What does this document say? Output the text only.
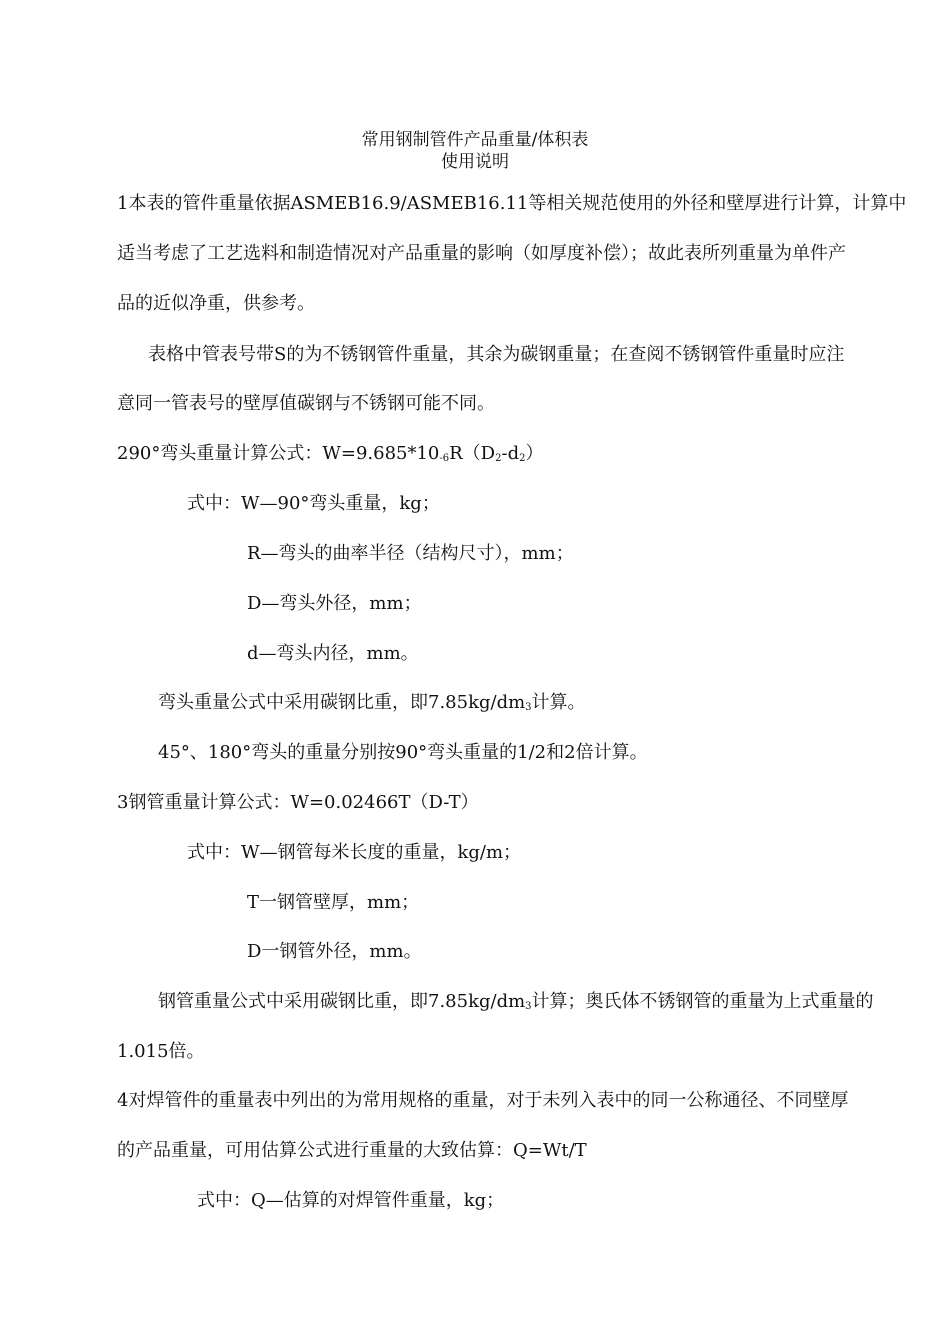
常用钢制管件产品重量/体积表
使用说明
1本表的管件重量依据ASMEB16.9/ASMEB16.11等相关规范使用的外径和壁厚进行计算，计算中
适当考虑了工艺选料和制造情况对产品重量的影响（如厚度补偿）；故此表所列重量为单件产
品的近似净重，供参考。
表格中管表号带S的为不锈钢管件重量，其余为碳钢重量；在查阅不锈钢管件重量时应注
意同一管表号的壁厚值碳钢与不锈钢可能不同。
290°弯头重量计算公式：$W=9.685*10_{-6}R(D_2-d_2)$
式中：W—90°弯头重量，kg；
R—弯头的曲率半径（结构尺寸），mm；
D—弯头外径，mm；
d—弯头内径，mm。
弯头重量公式中采用碳钢比重，即$7.85kg/dm_3$计算。
45°、180°弯头的重量分别按90°弯头重量的1/2和2倍计算。
3钢管重量计算公式：W=0.02466T（D-T）
式中：W—钢管每米长度的重量，kg/m；
T一钢管壁厚，mm；
D一钢管外径，mm。
钢管重量公式中采用碳钢比重，即$7.85kg/dm_3$计算；奥氏体不锈钢管的重量为上式重量的
1.015倍。
4对焊管件的重量表中列出的为常用规格的重量，对于未列入表中的同一公称通径、不同壁厚
的产品重量，可用估算公式进行重量的大致估算：Q=Wt/T
式中：Q—估算的对焊管件重量，kg；
